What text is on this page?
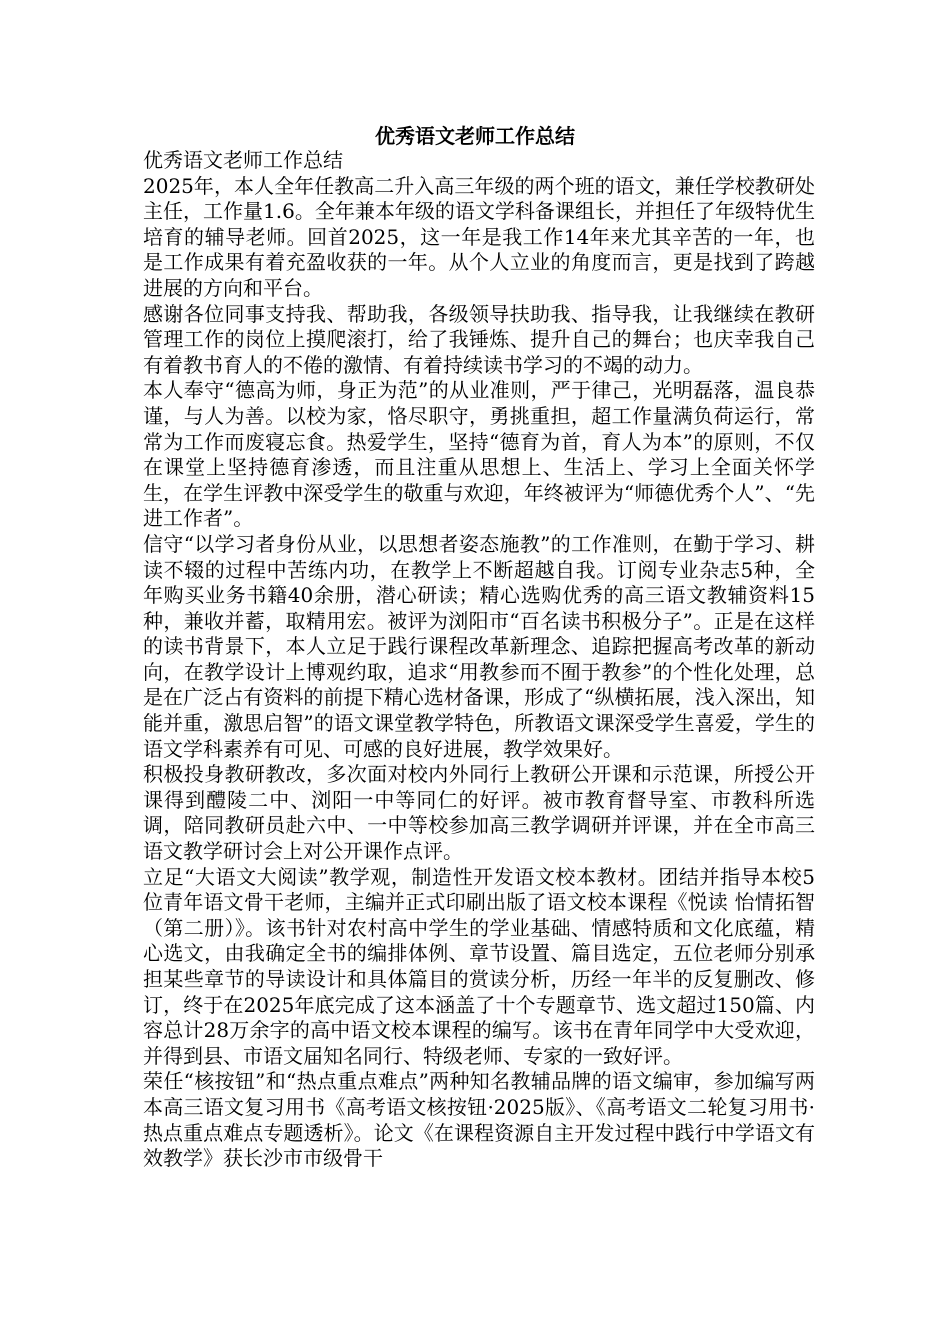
优秀语文老师工作总结

优秀语文老师工作总结

2025年，本人全年任教高二升入高三年级的两个班的语文，兼任学校教研处主任，工作量1.6。全年兼本年级的语文学科备课组长，并担任了年级特优生培育的辅导老师。回首2025，这一年是我工作14年来尤其辛苦的一年，也是工作成果有着充盈收获的一年。从个人立业的角度而言，更是找到了跨越进展的方向和平台。

感谢各位同事支持我、帮助我，各级领导扶助我、指导我，让我继续在教研管理工作的岗位上摸爬滚打，给了我锤炼、提升自己的舞台；也庆幸我自己有着教书育人的不倦的激情、有着持续读书学习的不竭的动力。

本人奉守“德高为师，身正为范”的从业准则，严于律己，光明磊落，温良恭谨，与人为善。以校为家，恪尽职守，勇挑重担，超工作量满负荷运行，常常为工作而废寝忘食。热爱学生，坚持“德育为首，育人为本”的原则，不仅在课堂上坚持德育渗透，而且注重从思想上、生活上、学习上全面关怀学生，在学生评教中深受学生的敬重与欢迎，年终被评为“师德优秀个人”、“先进工作者”。

信守“以学习者身份从业，以思想者姿态施教”的工作准则，在勤于学习、耕读不辍的过程中苦练内功，在教学上不断超越自我。订阅专业杂志5种，全年购买业务书籍40余册，潜心研读；精心选购优秀的高三语文教辅资料15种，兼收并蓄，取精用宏。被评为浏阳市“百名读书积极分子”。正是在这样的读书背景下，本人立足于践行课程改革新理念、追踪把握高考改革的新动向，在教学设计上博观约取，追求“用教参而不囿于教参”的个性化处理，总是在广泛占有资料的前提下精心选材备课，形成了“纵横拓展，浅入深出，知能并重，激思启智”的语文课堂教学特色，所教语文课深受学生喜爱，学生的语文学科素养有可见、可感的良好进展，教学效果好。

积极投身教研教改，多次面对校内外同行上教研公开课和示范课，所授公开课得到醴陵二中、浏阳一中等同仁的好评。被市教育督导室、市教科所选调，陪同教研员赴六中、一中等校参加高三教学调研并评课，并在全市高三语文教学研讨会上对公开课作点评。

立足“大语文大阅读”教学观，制造性开发语文校本教材。团结并指导本校5位青年语文骨干老师，主编并正式印刷出版了语文校本课程《悦读 怡情拓智（第二册）》。该书针对农村高中学生的学业基础、情感特质和文化底蕴，精心选文，由我确定全书的编排体例、章节设置、篇目选定，五位老师分别承担某些章节的导读设计和具体篇目的赏读分析，历经一年半的反复删改、修订，终于在2025年底完成了这本涵盖了十个专题章节、选文超过150篇、内容总计28万余字的高中语文校本课程的编写。该书在青年同学中大受欢迎，并得到县、市语文届知名同行、特级老师、专家的一致好评。

荣任“核按钮”和“热点重点难点”两种知名教辅品牌的语文编审，参加编写两本高三语文复习用书《高考语文核按钮·2025版》、《高考语文二轮复习用书·热点重点难点专题透析》。论文《在课程资源自主开发过程中践行中学语文有效教学》获长沙市市级骨干
